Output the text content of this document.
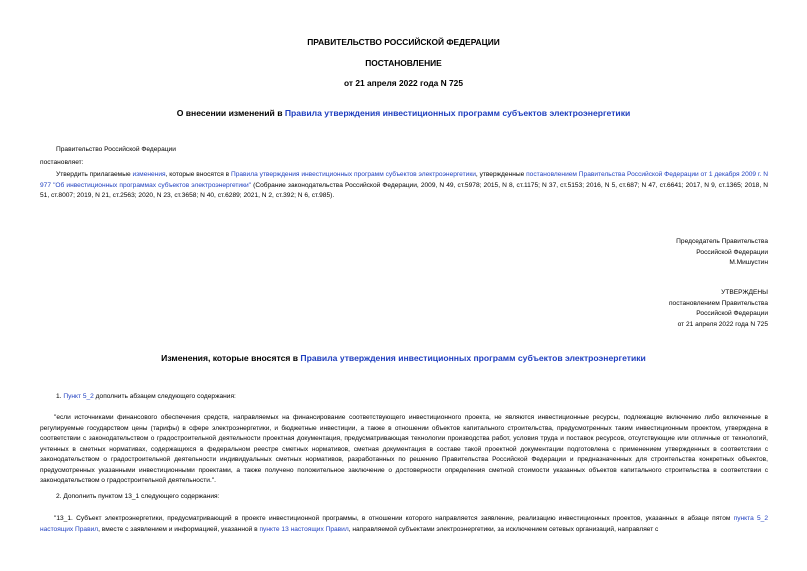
ПРАВИТЕЛЬСТВО РОССИЙСКОЙ ФЕДЕРАЦИИ
ПОСТАНОВЛЕНИЕ
от 21 апреля 2022 года N 725
О внесении изменений в Правила утверждения инвестиционных программ субъектов электроэнергетики
Правительство Российской Федерации
постановляет:
Утвердить прилагаемые изменения, которые вносятся в Правила утверждения инвестиционных программ субъектов электроэнергетики, утвержденные постановлением Правительства Российской Федерации от 1 декабря 2009 г. N 977 "Об инвестиционных программах субъектов электроэнергетики" (Собрание законодательства Российской Федерации, 2009, N 49, ст.5978; 2015, N 8, ст.1175; N 37, ст.5153; 2016, N 5, ст.687; N 47, ст.6641; 2017, N 9, ст.1365; 2018, N 51, ст.8007; 2019, N 21, ст.2563; 2020, N 23, ст.3658; N 40, ст.6289; 2021, N 2, ст.392; N 6, ст.985).
Председатель Правительства
Российской Федерации
М.Мишустин
УТВЕРЖДЕНЫ
постановлением Правительства
Российской Федерации
от 21 апреля 2022 года N 725
Изменения, которые вносятся в Правила утверждения инвестиционных программ субъектов электроэнергетики
1. Пункт 5_2 дополнить абзацем следующего содержания:
"если источниками финансового обеспечения средств, направляемых на финансирование соответствующего инвестиционного проекта, не являются инвестиционные ресурсы, подлежащие включению либо включенные в регулируемые государством цены (тарифы) в сфере электроэнергетики, и бюджетные инвестиции, а также в отношении объектов капитального строительства, предусмотренных таким инвестиционным проектом, утверждена в соответствии с законодательством о градостроительной деятельности проектная документация, предусматривающая технологии производства работ, условия труда и поставок ресурсов, отсутствующие или отличные от технологий, учтенных в сметных нормативах, содержащихся в федеральном реестре сметных нормативов, сметная документация в составе такой проектной документации подготовлена с применением утвержденных в соответствии с законодательством о градостроительной деятельности индивидуальных сметных нормативов, разработанных по решению Правительства Российской Федерации и предназначенных для строительства конкретных объектов, предусмотренных указанными инвестиционными проектами, а также получено положительное заключение о достоверности определения сметной стоимости указанных объектов капитального строительства в соответствии с законодательством о градостроительной деятельности.".
2. Дополнить пунктом 13_1 следующего содержания:
"13_1. Субъект электроэнергетики, предусматривающий в проекте инвестиционной программы, в отношении которого направляется заявление, реализацию инвестиционных проектов, указанных в абзаце пятом пункта 5_2 настоящих Правил, вместе с заявлением и информацией, указанной в пункте 13 настоящих Правил, направляемой субъектами электроэнергетики, за исключением сетевых организаций, направляет с
